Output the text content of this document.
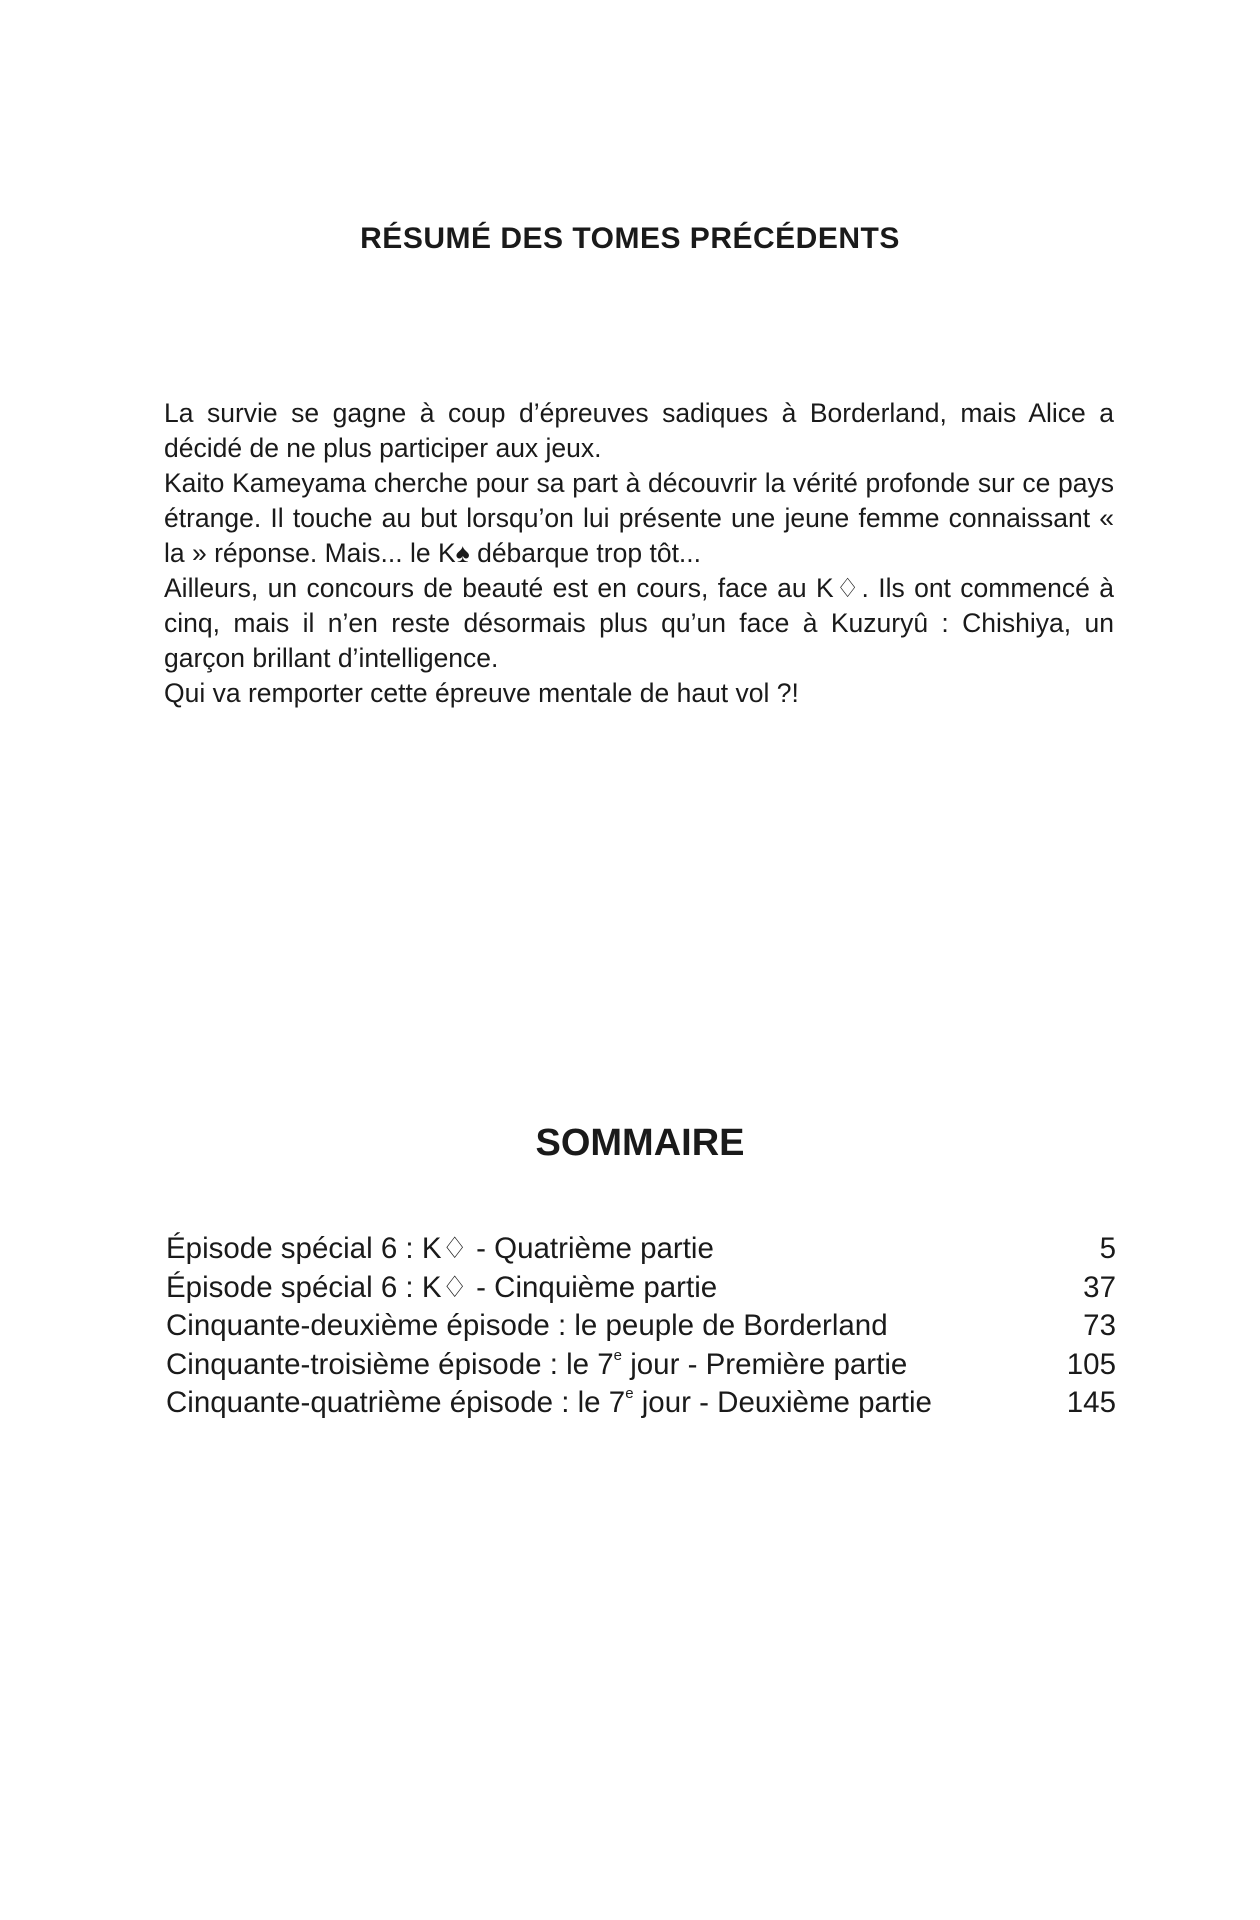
RÉSUMÉ DES TOMES PRÉCÉDENTS

La survie se gagne à coup d’épreuves sadiques à Borderland, mais Alice a décidé de ne plus participer aux jeux.

Kaito Kameyama cherche pour sa part à découvrir la vérité profonde sur ce pays étrange. Il touche au but lorsqu’on lui présente une jeune femme connaissant « la » réponse. Mais... le K♠ débarque trop tôt...

Ailleurs, un concours de beauté est en cours, face au K♢. Ils ont commencé à cinq, mais il n’en reste désormais plus qu’un face à Kuzuryû : Chishiya, un garçon brillant d’intelligence.

Qui va remporter cette épreuve mentale de haut vol ?!

SOMMAIRE
Épisode spécial 6 : K♢ - Quatrième partie	5
Épisode spécial 6 : K♢ - Cinquième partie	37
Cinquante-deuxième épisode : le peuple de Borderland	73
Cinquante-troisième épisode : le 7e jour - Première partie	105
Cinquante-quatrième épisode : le 7e jour - Deuxième partie	145
